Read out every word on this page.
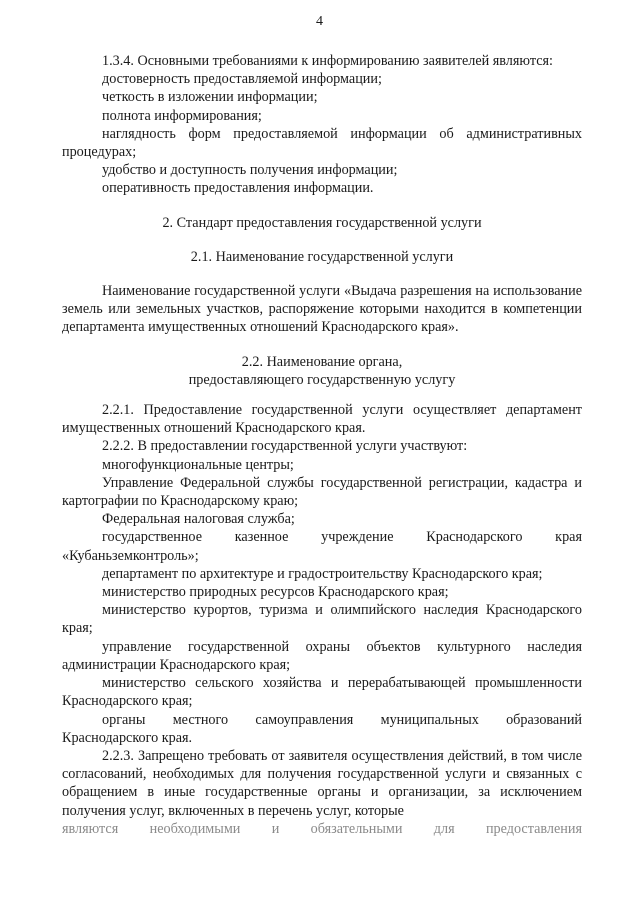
4

1.3.4. Основными требованиями к информированию заявителей являются:

достоверность предоставляемой информации;

четкость в изложении информации;

полнота информирования;

наглядность форм предоставляемой информации об административных процедурах;

удобство и доступность получения информации;

оперативность предоставления информации.

2. Стандарт предоставления государственной услуги

2.1. Наименование государственной услуги

Наименование государственной услуги «Выдача разрешения на использование земель или земельных участков, распоряжение которыми находится в компетенции департамента имущественных отношений Краснодарского края».

2.2. Наименование органа,

предоставляющего государственную услугу

2.2.1. Предоставление государственной услуги осуществляет департамент имущественных отношений Краснодарского края.

2.2.2. В предоставлении государственной услуги участвуют:

многофункциональные центры;

Управление Федеральной службы государственной регистрации, кадастра и картографии по Краснодарскому краю;

Федеральная налоговая служба;

государственное казенное учреждение Краснодарского края «Кубаньземконтроль»;

департамент по архитектуре и градостроительству Краснодарского края;

министерство природных ресурсов Краснодарского края;

министерство курортов, туризма и олимпийского наследия Краснодарского края;

управление государственной охраны объектов культурного наследия администрации Краснодарского края;

министерство сельского хозяйства и перерабатывающей промышленности Краснодарского края;

органы местного самоуправления муниципальных образований Краснодарского края.

2.2.3. Запрещено требовать от заявителя осуществления действий, в том числе согласований, необходимых для получения государственной услуги и связанных с обращением в иные государственные органы и организации, за исключением получения услуг, включенных в перечень услуг, которые

являются необходимыми и обязательными для предоставления
